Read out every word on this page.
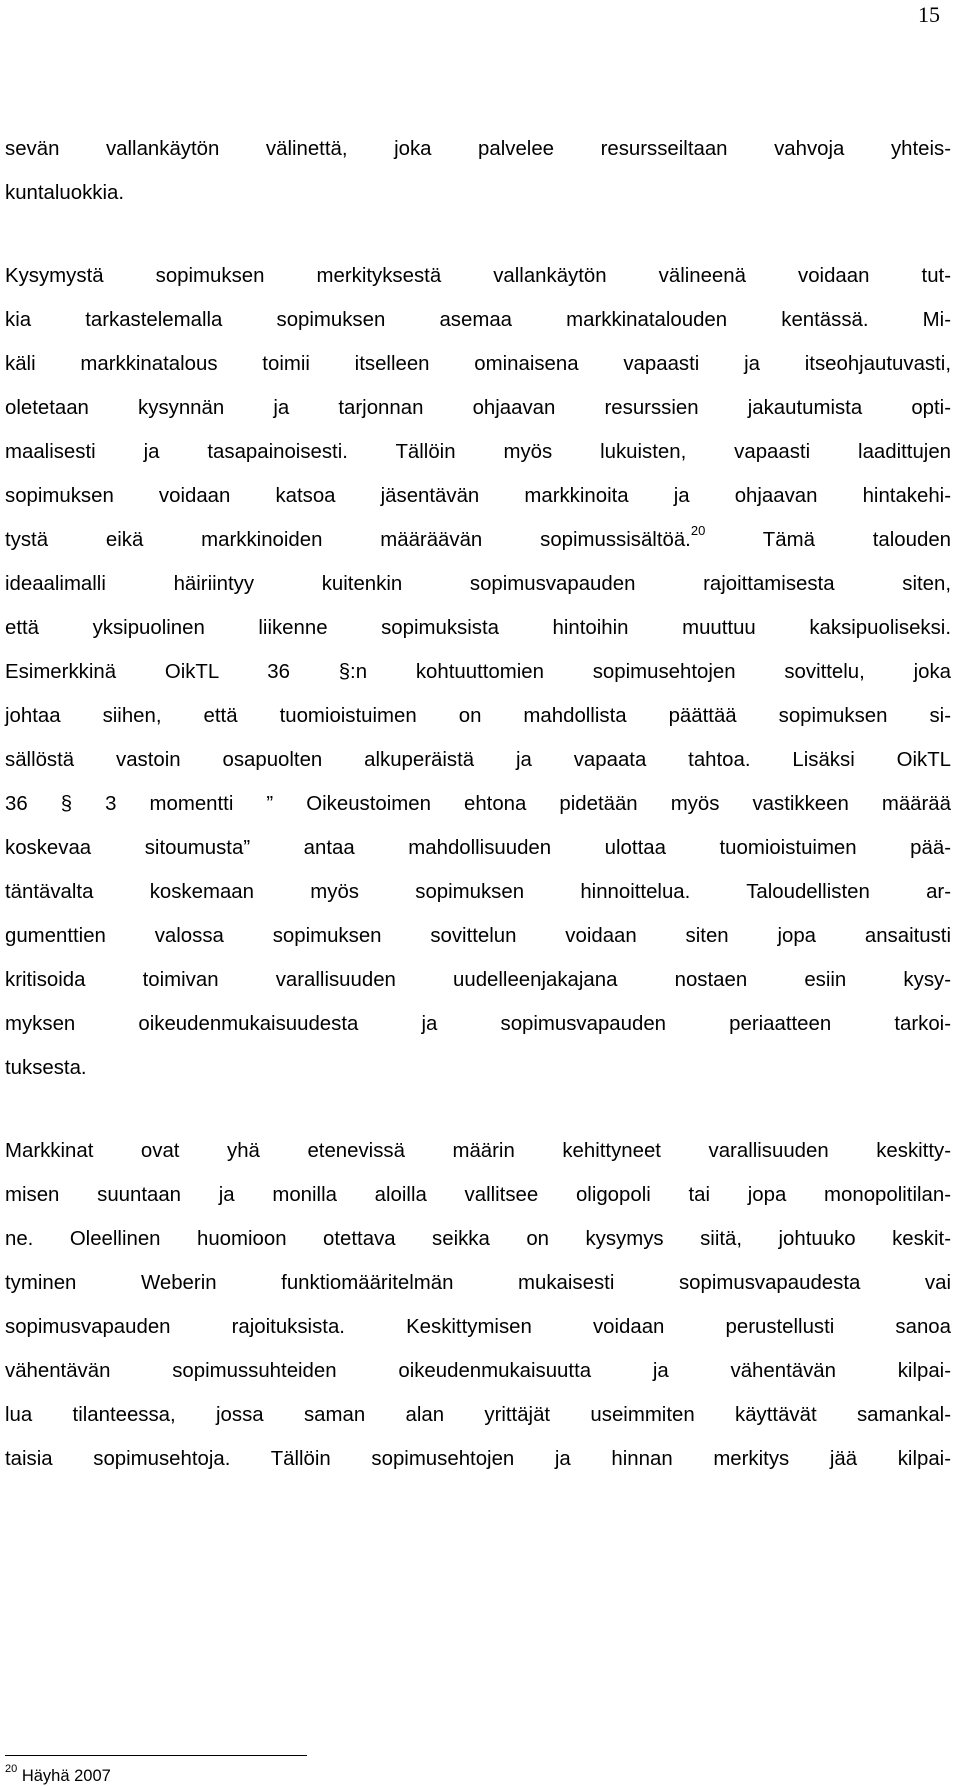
15
sevän vallankäytön välinettä, joka palvelee resursseiltaan vahvoja yhteis-
kuntaluokkia.
Kysymystä sopimuksen merkityksestä vallankäytön välineenä voidaan tut-
kia tarkastelemalla sopimuksen asemaa markkinatalouden kentässä. Mi-
käli markkinatalous toimii itselleen ominaisena vapaasti ja itseohjautuvasti,
oletetaan kysynnän ja tarjonnan ohjaavan resurssien jakautumista opti-
maalisesti ja tasapainoisesti. Tällöin myös lukuisten, vapaasti laadittujen
sopimuksen voidaan katsoa jäsentävän markkinoita ja ohjaavan hintakehi-
tystä eikä markkinoiden määräävän sopimussisältöä.$^{20}$ Tämä talouden
ideaalimalli häiriintyy kuitenkin sopimusvapauden rajoittamisesta siten,
että yksipuolinen liikenne sopimuksista hintoihin muuttuu kaksipuoliseksi.
Esimerkkinä OikTL 36 §:n kohtuuttomien sopimusehtojen sovittelu, joka
johtaa siihen, että tuomioistuimen on mahdollista päättää sopimuksen si-
sällöstä vastoin osapuolten alkuperäistä ja vapaata tahtoa. Lisäksi OikTL
36 § 3 momentti ” Oikeustoimen ehtona pidetään myös vastikkeen määrää
koskevaa sitoumusta” antaa mahdollisuuden ulottaa tuomioistuimen pää-
täntävalta koskemaan myös sopimuksen hinnoittelua. Taloudellisten ar-
gumenttien valossa sopimuksen sovittelun voidaan siten jopa ansaitusti
kritisoida toimivan varallisuuden uudelleenjakajana nostaen esiin kysy-
myksen oikeudenmukaisuudesta ja sopimusvapauden periaatteen tarkoi-
tuksesta.
Markkinat ovat yhä etenevissä määrin kehittyneet varallisuuden keskitty-
misen suuntaan ja monilla aloilla vallitsee oligopoli tai jopa monopolitilan-
ne. Oleellinen huomioon otettava seikka on kysymys siitä, johtuuko keskit-
tyminen Weberin funktiomääritelmän mukaisesti sopimusvapaudesta vai
sopimusvapauden rajoituksista. Keskittymisen voidaan perustellusti sanoa
vähentävän sopimussuhteiden oikeudenmukaisuutta ja vähentävän kilpai-
lua tilanteessa, jossa saman alan yrittäjät useimmiten käyttävät samankal-
taisia sopimusehtoja. Tällöin sopimusehtojen ja hinnan merkitys jää kilpai-
$^{20}$ Häyhä 2007
